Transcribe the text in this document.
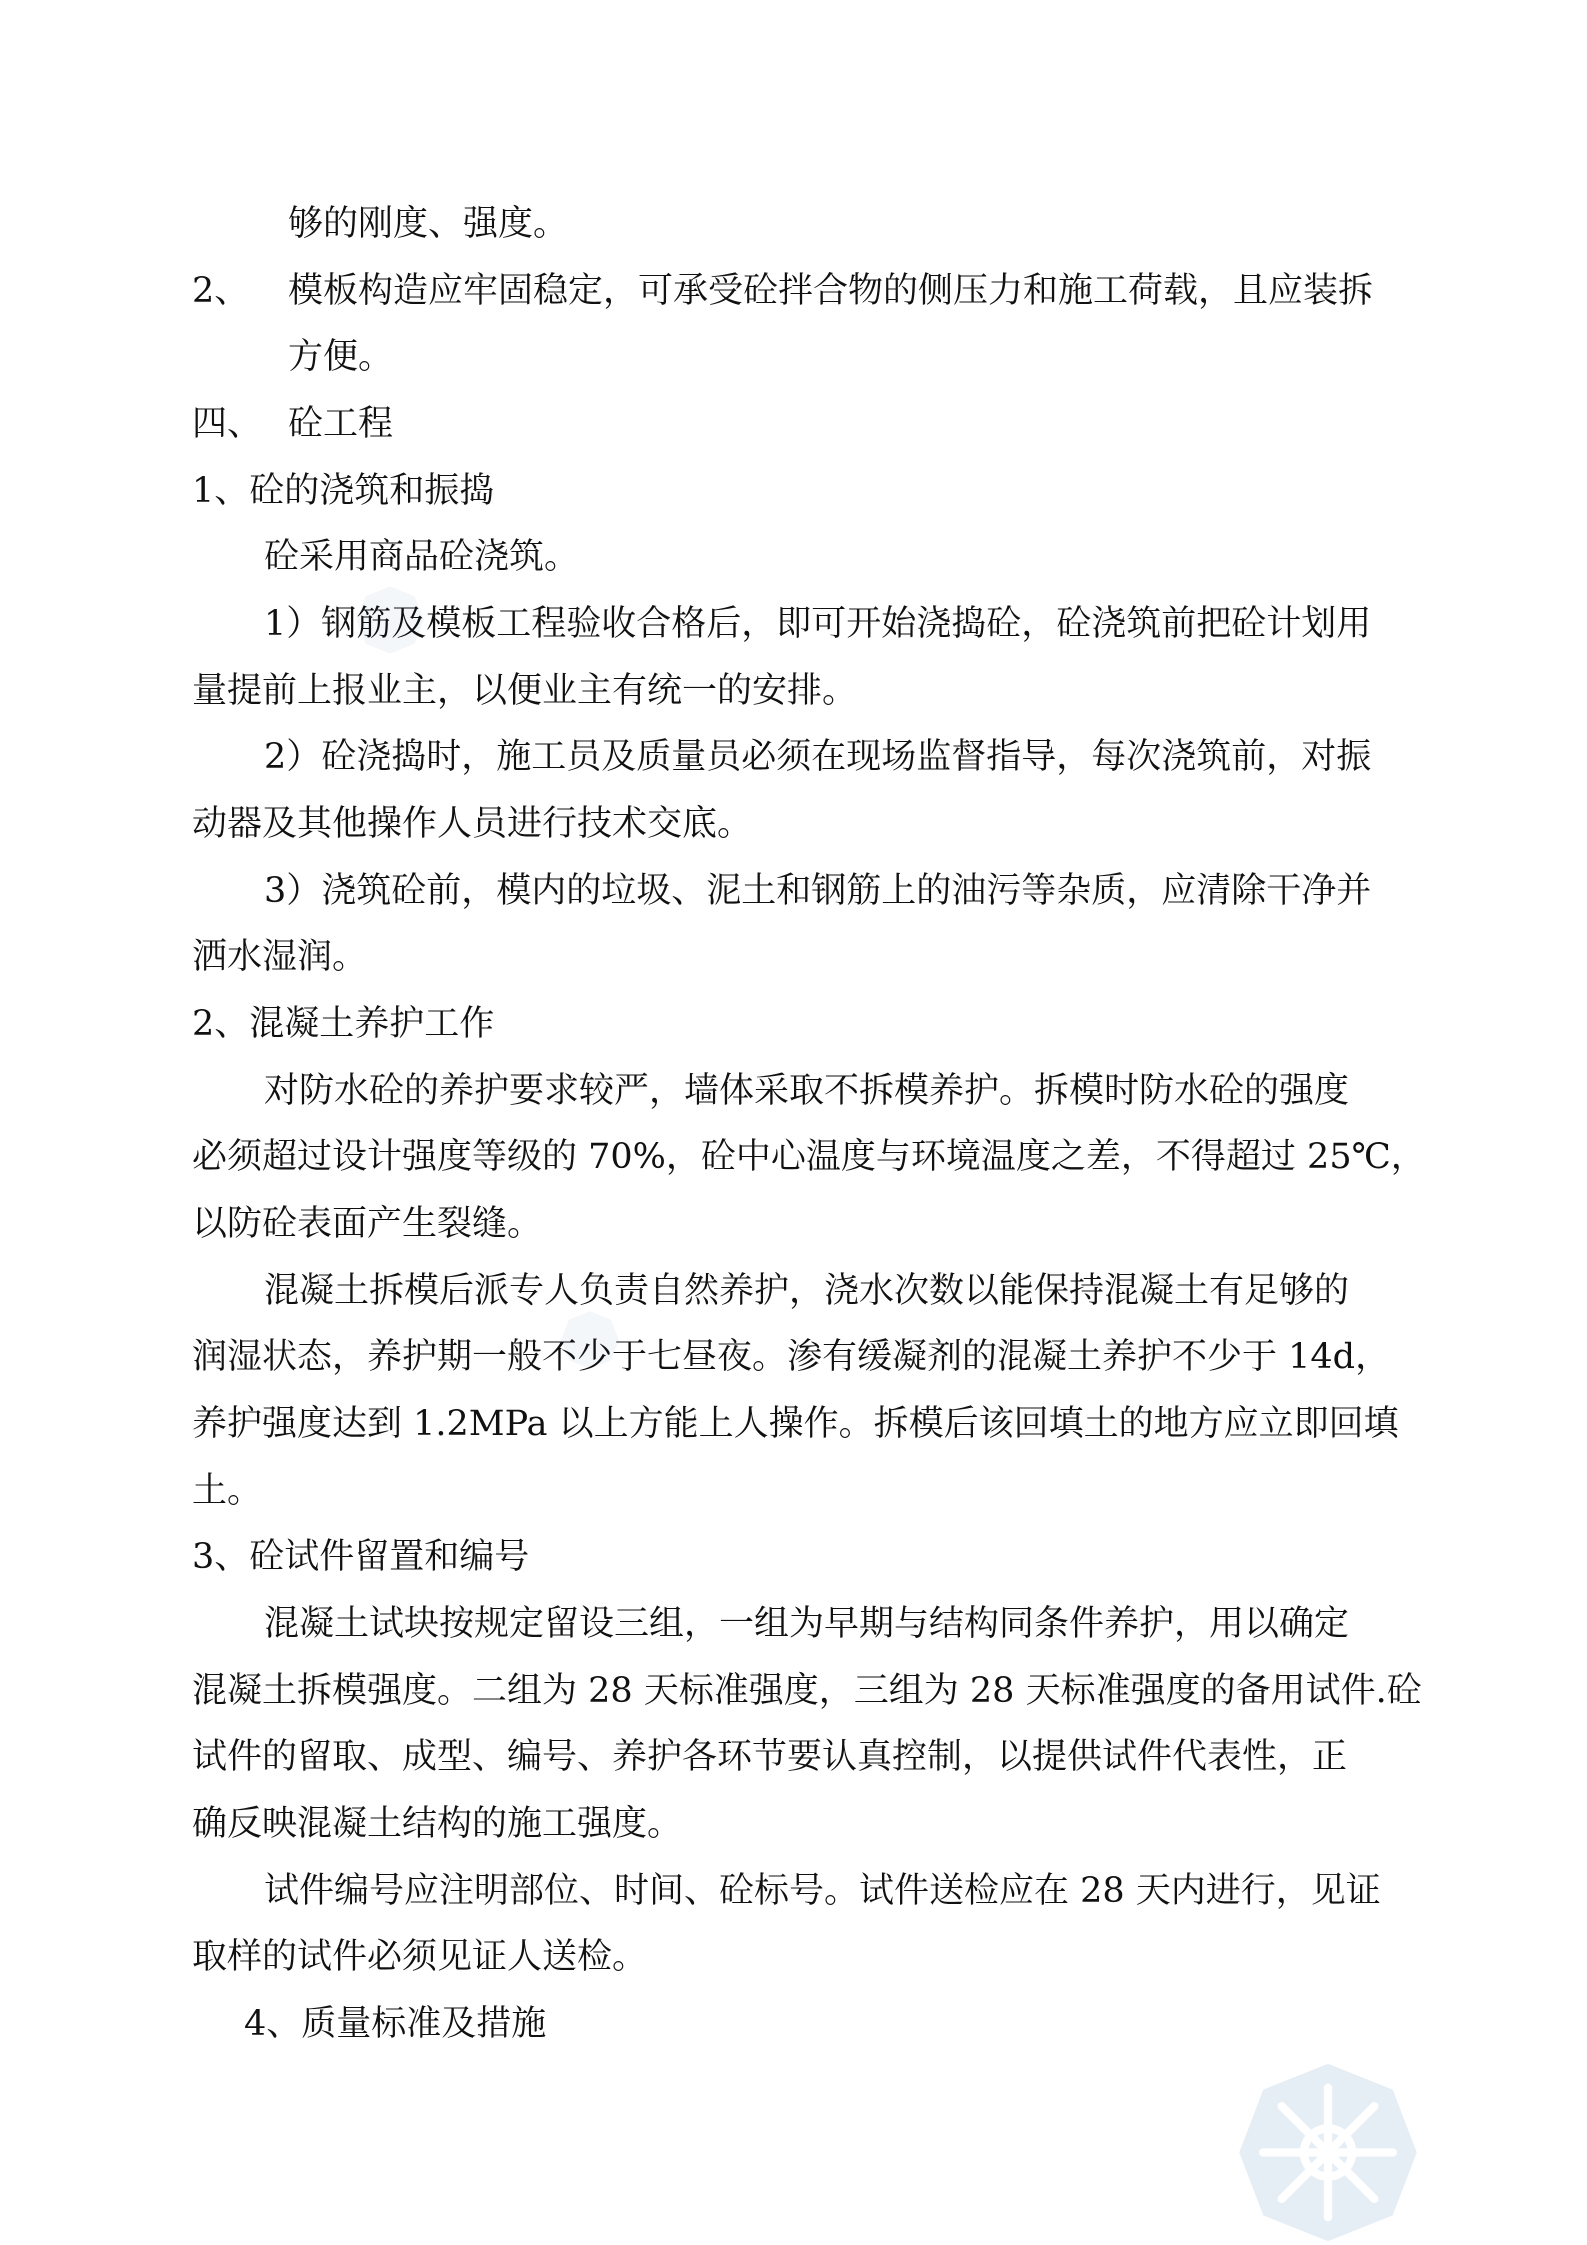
够的刚度、强度。
2、 模板构造应牢固稳定，可承受砼拌合物的侧压力和施工荷载，且应装拆
方便。
四、 砼工程
1、砼的浇筑和振捣
砼采用商品砼浇筑。
1）钢筋及模板工程验收合格后，即可开始浇捣砼，砼浇筑前把砼计划用
量提前上报业主，以便业主有统一的安排。
2）砼浇捣时，施工员及质量员必须在现场监督指导，每次浇筑前，对振
动器及其他操作人员进行技术交底。
3）浇筑砼前，模内的垃圾、泥土和钢筋上的油污等杂质，应清除干净并
洒水湿润。
2、混凝土养护工作
对防水砼的养护要求较严，墙体采取不拆模养护。拆模时防水砼的强度
必须超过设计强度等级的 70%，砼中心温度与环境温度之差，不得超过 25℃，
以防砼表面产生裂缝。
混凝土拆模后派专人负责自然养护，浇水次数以能保持混凝土有足够的
润湿状态，养护期一般不少于七昼夜。渗有缓凝剂的混凝土养护不少于 14d，
养护强度达到 1.2MPa 以上方能上人操作。拆模后该回填土的地方应立即回填
土。
3、砼试件留置和编号
混凝土试块按规定留设三组，一组为早期与结构同条件养护，用以确定
混凝土拆模强度。二组为 28 天标准强度，三组为 28 天标准强度的备用试件.砼
试件的留取、成型、编号、养护各环节要认真控制，以提供试件代表性，正
确反映混凝土结构的施工强度。
试件编号应注明部位、时间、砼标号。试件送检应在 28 天内进行，见证
取样的试件必须见证人送检。
4、质量标准及措施
